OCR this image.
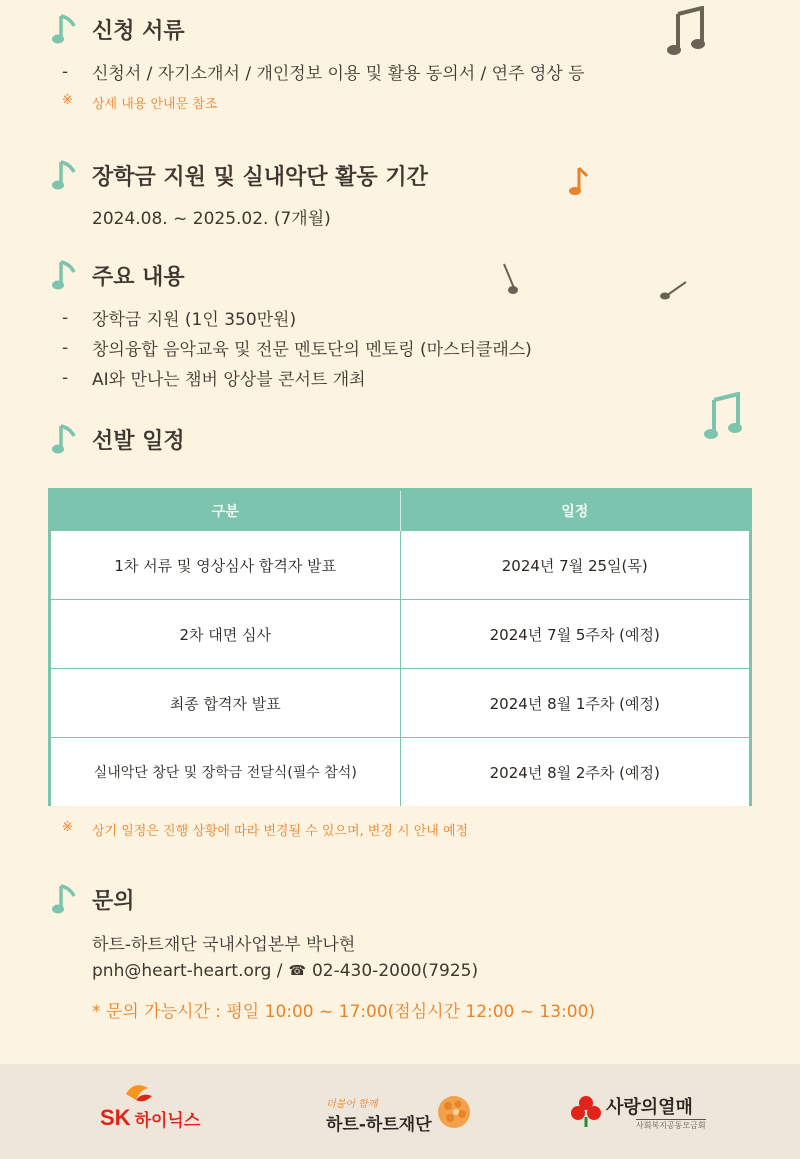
신청 서류
-	신청서 / 자기소개서 / 개인정보 이용 및 활용 동의서 / 연주 영상 등
※	상세 내용 안내문 참조
장학금 지원 및 실내악단 활동 기간
2024.08. ~ 2025.02. (7개월)
주요 내용
-	장학금 지원 (1인 350만원)
-	창의융합 음악교육 및 전문 멘토단의 멘토링 (마스터클래스)
-	AI와 만나는 챔버 앙상블 콘서트 개최
선발 일정
구분	일정
1차 서류 및 영상심사 합격자 발표	2024년 7월 25일(목)
2차 대면 심사	2024년 7월 5주차 (예정)
최종 합격자 발표	2024년 8월 1주차 (예정)
실내악단 창단 및 장학금 전달식(필수 참석)	2024년 8월 2주차 (예정)
※	상기 일정은 진행 상황에 따라 변경될 수 있으며, 변경 시 안내 예정
문의
하트-하트재단 국내사업본부 박나현
pnh@heart-heart.org / ☎ 02-430-2000(7925)
* 문의 가능시간 : 평일 10:00 ~ 17:00(점심시간 12:00 ~ 13:00)
SK 하이닉스
더불어 함께
하트-하트재단
사랑의열매
사회복지공동모금회
